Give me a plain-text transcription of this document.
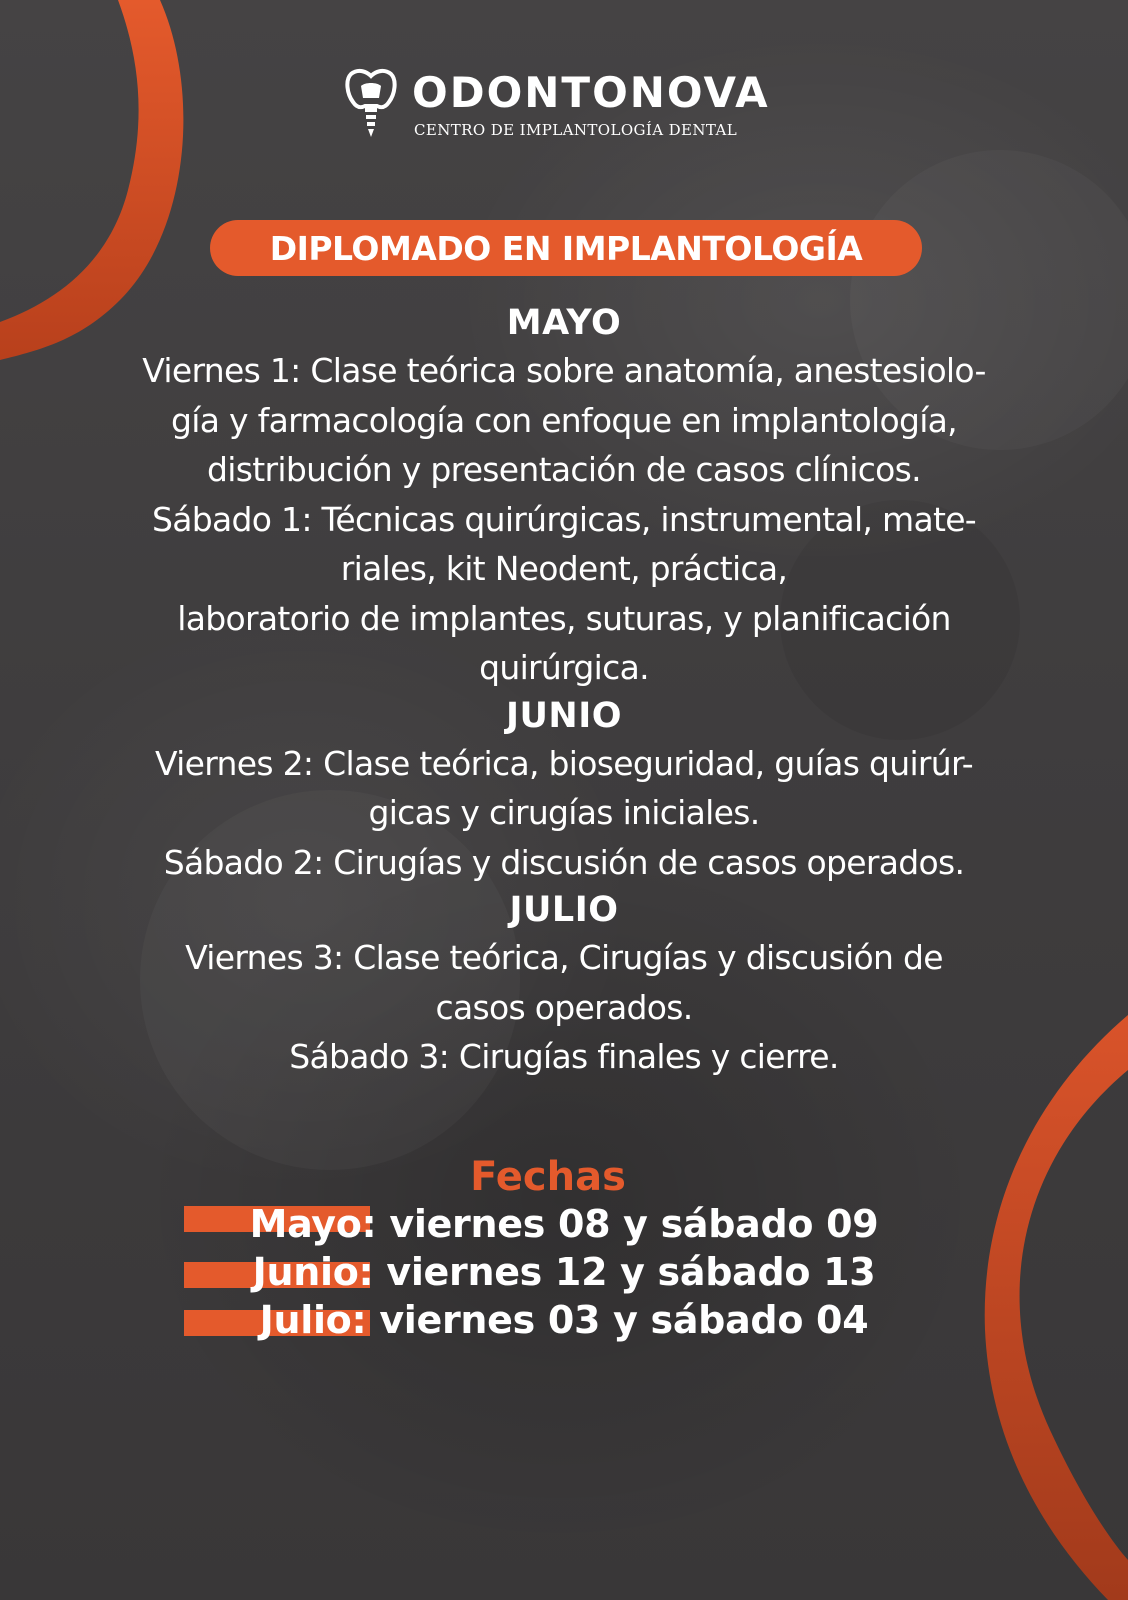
ODONTONOVA
CENTRO DE IMPLANTOLOGÍA DENTAL
DIPLOMADO EN IMPLANTOLOGÍA
MAYO
Viernes 1: Clase teórica sobre anatomía, anestesiolo-
gía y farmacología con enfoque en implantología,
distribución y presentación de casos clínicos.
Sábado 1: Técnicas quirúrgicas, instrumental, mate-
riales, kit Neodent, práctica,
laboratorio de implantes, suturas, y planificación
quirúrgica.
JUNIO
Viernes 2: Clase teórica, bioseguridad, guías quirúr-
gicas y cirugías iniciales.
Sábado 2: Cirugías y discusión de casos operados.
JULIO
Viernes 3: Clase teórica, Cirugías y discusión de
casos operados.
Sábado 3: Cirugías finales y cierre.
Fechas
Mayo: viernes 08 y sábado 09
Junio: viernes 12 y sábado 13
Julio: viernes 03 y sábado 04
